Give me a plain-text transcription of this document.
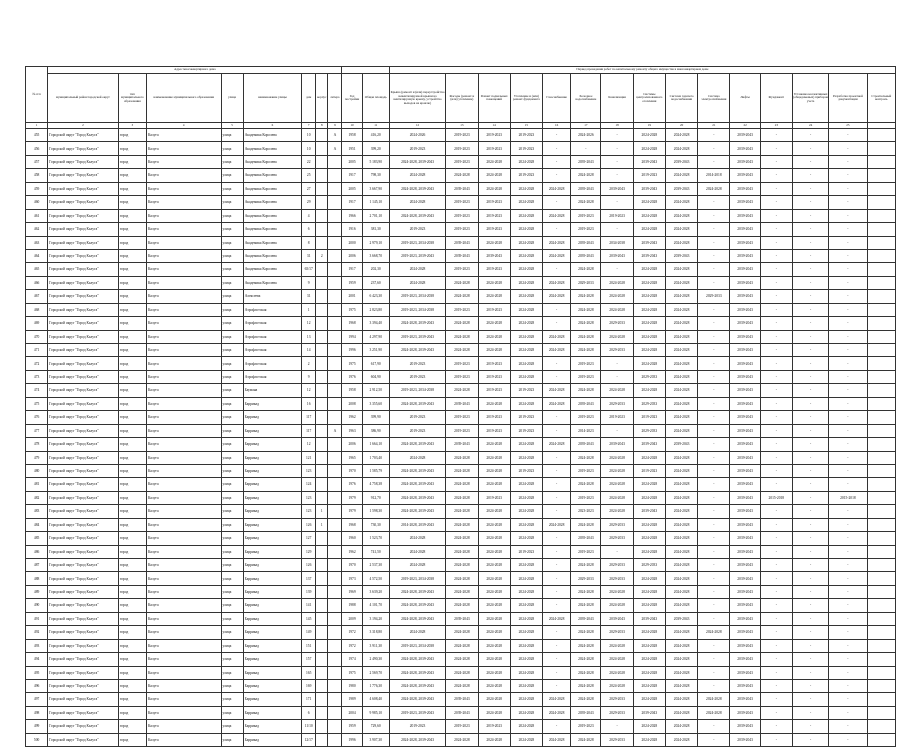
№ п/п	Адрес многоквартирного дома										Период проведения работ по капитальному ремонту общего имущества в многоквартирном доме														
	муниципальный район/городской округ	тип муниципального образования	наименование муниципального образования	улица	наименование улицы	дом	корпус	литера	Год постройки	Общая площадь	Крыша (ремонт и (или) переустройство невентилируемой крыши на вентилируемую крышу, устройство выходов на кровлю)	Фасады (ремонт и (или) утепление)	Ремонт подвальных помещений	Утепление и (или) ремонт фундамента	Газоснабжение	Холодное водоснабжение	Канализация	Системы централизованного отопления	Система горячего водоснабжения	Система электроснабжения	Лифты	Фундамент	Установка коллективных (общедомовых) приборов учета	Разработка проектной документации	Строительный контроль
1	2	3	4	5	6	7	8	9	10	11	12	13	14	15	16	17	18	19	20	21	22	23	24	25	
455	Городской округ "Город Калуга"	город	Калуга	улица	Академика Королева	10		А	1958	416,20	2024-2026	2019-2023	2019-2023	2019-2023	-	2024-2026	-	2024-2028	2024-2028	-	2039-2043	-	-	-	
456	Городской округ "Город Калуга"	город	Калуга	улица	Академика Королева	10		А	1951	399,20	2019-2023	2019-2023	2019-2023	2019-2023	-	-	-	2024-2028	2024-2028	-	2039-2043	-	-	-	
457	Городской округ "Город Калуга"	город	Калуга	улица	Академика Королева	22			2005	5 183,90	2024-2028, 2039-2043	2019-2023	2024-2028	2024-2028	-	2039-2043	-	2039-2043	2039-2043	-	2039-2043	-	-	-	
458	Городской округ "Город Калуга"	город	Калуга	улица	Академика Королева	25			1917	798,30	2024-2028	2024-2028	2024-2028	2019-2023	-	2024-2028	-	2019-2023	2024-2028	2014-2018	2039-2043	-	-	-	
459	Городской округ "Город Калуга"	город	Калуга	улица	Академика Королева	27			2005	3 667,90	2024-2028, 2039-2043	2039-2043	2024-2028	2024-2028	2024-2028	2039-2043	2039-2043	2039-2043	2039-2043	2024-2028	2039-2043	-	-	-	
460	Городской округ "Город Калуга"	город	Калуга	улица	Академика Королева	29			1917	1 145,10	2024-2028	2019-2023	2019-2023	2024-2028	-	2024-2028	-	2024-2028	2024-2028	-	2039-2043	-	-	-	
461	Городской округ "Город Калуга"	город	Калуга	улица	Академика Королева	4			1966	2 701,10	2024-2028, 2039-2043	2019-2023	2019-2023	2024-2028	2024-2028	2019-2023	2019-2023	2024-2028	2024-2028	-	2039-2043	-	-	-	
462	Городской округ "Город Калуга"	город	Калуга	улица	Академика Королева	6			1916	381,30	2019-2023	2019-2023	2019-2023	2024-2028	-	2019-2023	-	2024-2028	2024-2028	-	2039-2043	-	-	-	
463	Городской округ "Город Калуга"	город	Калуга	улица	Академика Королева	8			2000	2 979,10	2019-2023, 2034-2038	2039-2043	2024-2028	2024-2028	2024-2028	2039-2043	2034-2038	2039-2043	2024-2028	-	2039-2043	-	-	-	
464	Городской округ "Город Калуга"	город	Калуга	улица	Академика Королева	31	2		2006	3 668,70	2019-2023, 2039-2043	2039-2043	2039-2043	2024-2028	2024-2028	2039-2043	2039-2043	2039-2043	2039-2043	-	2039-2043	-	-	-	
465	Городской округ "Город Калуга"	город	Калуга	улица	Академика Королева	65/17			1917	202,30	2024-2028	2019-2023	2019-2023	2024-2028	-	2024-2028	-	2024-2028	2024-2028	-	2039-2043	-	-	-	
466	Городской округ "Город Калуга"	город	Калуга	улица	Академика Королева	9			1959	237,60	2024-2028	2024-2028	2024-2028	2024-2028	2024-2028	2029-2033	2024-2028	2024-2028	2024-2028	-	2039-2043	-	-	-	
467	Городской округ "Город Калуга"	город	Калуга	улица	Алексеева	31			2001	6 423,30	2019-2023, 2034-2038	2024-2028	2024-2028	2024-2028	2024-2028	2024-2028	2024-2028	2024-2028	2024-2028	2029-2033	2039-2043	-	-	-	
468	Городской округ "Город Калуга"	город	Калуга	улица	Аэрофлотская	1			1975	2 823,80	2019-2023, 2034-2038	2019-2023	2019-2023	2024-2028	-	2024-2028	2024-2028	2024-2028	2024-2028	-	2039-2043	-	-	-	
469	Городской округ "Город Калуга"	город	Калуга	улица	Аэрофлотская	12			1968	3 394,40	2024-2028, 2039-2043	2024-2028	2024-2028	2024-2028	-	2024-2028	2029-2033	2024-2028	2024-2028	-	2039-2043	-	-	-	
470	Городской округ "Город Калуга"	город	Калуга	улица	Аэрофлотская	13			1994	4 297,90	2019-2023, 2039-2043	2024-2028	2024-2028	2024-2028	2024-2028	2024-2028	2024-2028	2024-2028	2024-2028	-	2039-2043	-	-	-	
471	Городской округ "Город Калуга"	город	Калуга	улица	Аэрофлотская	14			1996	3 251,90	2024-2028, 2039-2043	2024-2028	2024-2028	2024-2028	2024-2028	2024-2028	2029-2033	2024-2028	2024-2028	-	2039-2043	-	-	-	
472	Городской округ "Город Калуга"	город	Калуга	улица	Аэрофлотская	2			1975	617,90	2019-2023	2019-2023	2019-2023	2024-2028	-	2019-2023	-	2024-2028	2024-2028	-	2039-2043	-	-	-	
473	Городской округ "Город Калуга"	город	Калуга	улица	Аэрофлотская	9			1976	604,90	2019-2023	2019-2023	2019-2023	2024-2028	-	2019-2023	-	2029-2033	2024-2028	-	2039-2043	-	-	-	
474	Городской округ "Город Калуга"	город	Калуга	улица	Баумана	12			1958	2 912,50	2019-2023, 2034-2038	2024-2028	2019-2023	2019-2023	2024-2028	2024-2028	2024-2028	2024-2028	2024-2028	-	2039-2043	-	-	-	
475	Городской округ "Город Калуга"	город	Калуга	улица	Баррикад	16			2008	3 355,60	2024-2028, 2039-2043	2039-2043	2024-2028	2024-2028	2024-2028	2039-2043	2029-2033	2029-2033	2024-2028	-	2039-2043	-	-	-	
476	Городской округ "Город Калуга"	город	Калуга	улица	Баррикад	117			1962	399,90	2019-2023	2019-2023	2019-2023	2019-2023	-	2019-2023	2019-2023	2019-2023	2024-2028	-	2039-2043	-	-	-	
477	Городской округ "Город Калуга"	город	Калуга	улица	Баррикад	117		А	1963	386,90	2019-2023	2019-2023	2019-2023	2019-2023	-	2014-2023	-	2029-2033	2024-2028	-	2039-2043	-	-	-	
478	Городской округ "Город Калуга"	город	Калуга	улица	Баррикад	12			2006	1 664,10	2024-2028, 2039-2043	2039-2043	2024-2028	2024-2028	2024-2028	2039-2043	2039-2043	2039-2043	2039-2043	-	2039-2043	-	-	-	
479	Городской округ "Город Калуга"	город	Калуга	улица	Баррикад	121			1965	1 703,40	2024-2028	2024-2028	2024-2028	2024-2028	-	2024-2028	2024-2028	2024-2028	2024-2028	-	2039-2043	-	-	-	
480	Городской округ "Город Калуга"	город	Калуга	улица	Баррикад	123			1970	1 585,79	2024-2028, 2039-2043	2024-2028	2024-2028	2019-2023	-	2019-2023	2024-2028	2019-2023	2024-2028	-	2039-2043	-	-	-	
481	Городской округ "Город Калуга"	город	Калуга	улица	Баррикад	124			1976	4 758,38	2024-2028, 2039-2043	2024-2028	2024-2028	2024-2028	-	2024-2028	2024-2028	2024-2028	2024-2028	-	2039-2043	-	-	-	
482	Городской округ "Город Калуга"	город	Калуга	улица	Баррикад	123			1979	912,70	2024-2028, 2039-2043	2024-2028	2019-2023	2024-2028	-	2019-2023	2024-2028	2024-2028	2024-2028	-	2039-2043	2015-2018	-	2015-2018	
483	Городской округ "Город Калуга"	город	Калуга	улица	Баррикад	123	1		1979	1 598,30	2024-2028, 2039-2043	2024-2028	2024-2028	2024-2028	-	2023-2023	2024-2028	2039-2043	2024-2028	-	2039-2043	-	-	-	
484	Городской округ "Город Калуга"	город	Калуга	улица	Баррикад	126	1		1968	730,30	2014-2028, 2039-2043	2024-2028	2024-2028	2024-2028	2024-2028	2024-2028	2029-2033	2024-2028	2024-2028	-	2039-2043	-	-	-	
485	Городской округ "Город Калуга"	город	Калуга	улица	Баррикад	127			1960	1 523,70	2024-2028	2024-2028	2024-2028	2024-2028	-	2039-2043	2029-2033	2024-2028	2024-2028	-	2039-2043	-	-	-	
486	Городской округ "Город Калуга"	город	Калуга	улица	Баррикад	129			1962	741,50	2024-2028	2024-2028	2024-2028	2019-2023	-	2019-2023	-	2024-2028	2024-2028	-	2039-2043	-	-	-	
487	Городской округ "Город Калуга"	город	Калуга	улица	Баррикад	126			1970	2 537,30	2024-2028	2024-2028	2024-2028	2024-2028	-	2024-2028	2029-2033	2029-2033	2024-2028	-	2039-2043	-	-	-	
488	Городской округ "Город Калуга"	город	Калуга	улица	Баррикад	137			1973	4 572,50	2019-2023, 2034-2038	2024-2028	2024-2028	2024-2028	-	2029-2033	2029-2033	2024-2028	2024-2028	-	2039-2043	-	-	-	
489	Городской округ "Город Калуга"	город	Калуга	улица	Баррикад	139			1969	3 639,20	2024-2028, 2039-2043	2024-2028	2024-2028	2024-2028	-	2024-2028	2024-2028	2024-2028	2024-2028	-	2039-2043	-	-	-	
490	Городской округ "Город Калуга"	город	Калуга	улица	Баррикад	141			1988	4 101,70	2024-2028, 2039-2043	2024-2028	2024-2028	2024-2028	-	2024-2028	2024-2028	2024-2028	2024-2028	-	2039-2043	-	-	-	
491	Городской округ "Город Калуга"	город	Калуга	улица	Баррикад	145			2009	3 194,20	2024-2028, 2039-2043	2039-2043	2024-2028	2024-2028	2024-2028	2039-2043	2039-2043	2039-2043	2039-2043	-	2039-2043	-	-	-	
492	Городской округ "Город Калуга"	город	Калуга	улица	Баррикад	149			1972	3 318,80	2024-2028	2024-2028	2024-2028	2024-2028	-	2024-2028	2029-2033	2024-2028	2024-2028	2024-2028	2039-2043	-	-	-	
493	Городской округ "Город Калуга"	город	Калуга	улица	Баррикад	151			1972	3 911,30	2019-2023, 2034-2038	2024-2028	2024-2028	2024-2028	-	2024-2028	2024-2028	2024-2028	2024-2028	-	2039-2043	-	-	-	
494	Городской округ "Город Калуга"	город	Калуга	улица	Баррикад	157			1974	2 490,30	2024-2028, 2039-2043	2024-2028	2024-2028	2024-2028	-	2024-2028	2024-2028	2024-2028	2024-2028	-	2039-2043	-	-	-	
495	Городской округ "Город Калуга"	город	Калуга	улица	Баррикад	165			1975	2 569,70	2024-2028, 2039-2043	2024-2028	2024-2028	2024-2028	-	2024-2028	2024-2028	2024-2028	2024-2028	-	2039-2043	-	-	-	
496	Городской округ "Город Калуга"	город	Калуга	улица	Баррикад	169			1980	1 776,30	2024-2028, 2039-2043	2024-2028	2024-2028	2024-2028	-	2024-2028	2024-2028	2024-2028	2024-2028	-	2039-2043	-	-	-	
497	Городской округ "Город Калуга"	город	Калуга	улица	Баррикад	171			1989	4 608,40	2024-2028, 2039-2043	2039-2043	2024-2028	2024-2028	2024-2028	2024-2028	2029-2033	2024-2028	2024-2028	2024-2028	2039-2043	-	-	-	
498	Городской округ "Город Калуга"	город	Калуга	улица	Баррикад	6			2004	9 985,10	2019-2023, 2039-2043	2039-2043	2024-2028	2024-2028	2024-2028	2039-2043	2029-2033	2039-2043	2024-2028	2024-2028	2039-2043	-	-	-	
499	Городской округ "Город Калуга"	город	Калуга	улица	Баррикад	11/10			1959	729,60	2019-2023	2019-2023	2019-2023	2024-2028	-	2019-2023	-	2024-2028	2024-2028	-	2039-2043	-	-	-	
500	Городской округ "Город Калуга"	город	Калуга	улица	Баррикад	12/17			1996	3 907,30	2024-2028, 2039-2043	2024-2028	2024-2028	2024-2028	2024-2028	2024-2028	2029-2033	2024-2028	2024-2028	-	2039-2043	-	-	-	
